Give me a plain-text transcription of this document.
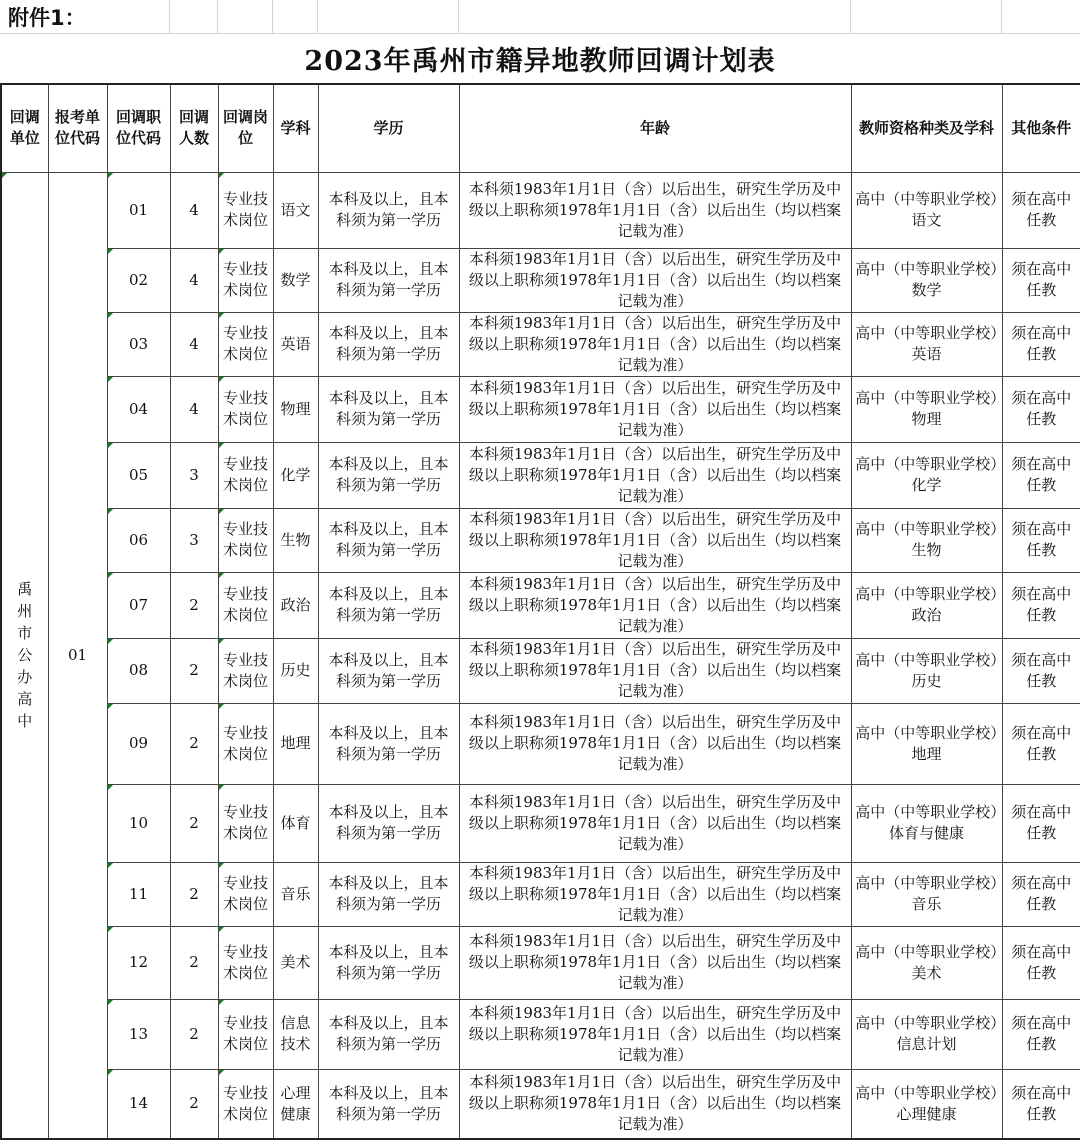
附件1：
2023年禹州市籍异地教师回调计划表
回调单位	报考单位代码	回调职位代码	回调人数	回调岗位	学科	学历	年龄	教师资格种类及学科	其他条件
禹州市公办高中	01	01	4	专业技术岗位	语文	本科及以上，且本科须为第一学历	本科须1983年1月1日（含）以后出生，研究生学历及中级以上职称须1978年1月1日（含）以后出生（均以档案记载为准）	高中（中等职业学校）语文	须在高中任教
		02	4	专业技术岗位	数学	本科及以上，且本科须为第一学历	本科须1983年1月1日（含）以后出生，研究生学历及中级以上职称须1978年1月1日（含）以后出生（均以档案记载为准）	高中（中等职业学校）数学	须在高中任教
		03	4	专业技术岗位	英语	本科及以上，且本科须为第一学历	本科须1983年1月1日（含）以后出生，研究生学历及中级以上职称须1978年1月1日（含）以后出生（均以档案记载为准）	高中（中等职业学校）英语	须在高中任教
		04	4	专业技术岗位	物理	本科及以上，且本科须为第一学历	本科须1983年1月1日（含）以后出生，研究生学历及中级以上职称须1978年1月1日（含）以后出生（均以档案记载为准）	高中（中等职业学校）物理	须在高中任教
		05	3	专业技术岗位	化学	本科及以上，且本科须为第一学历	本科须1983年1月1日（含）以后出生，研究生学历及中级以上职称须1978年1月1日（含）以后出生（均以档案记载为准）	高中（中等职业学校）化学	须在高中任教
		06	3	专业技术岗位	生物	本科及以上，且本科须为第一学历	本科须1983年1月1日（含）以后出生，研究生学历及中级以上职称须1978年1月1日（含）以后出生（均以档案记载为准）	高中（中等职业学校）生物	须在高中任教
		07	2	专业技术岗位	政治	本科及以上，且本科须为第一学历	本科须1983年1月1日（含）以后出生，研究生学历及中级以上职称须1978年1月1日（含）以后出生（均以档案记载为准）	高中（中等职业学校）政治	须在高中任教
		08	2	专业技术岗位	历史	本科及以上，且本科须为第一学历	本科须1983年1月1日（含）以后出生，研究生学历及中级以上职称须1978年1月1日（含）以后出生（均以档案记载为准）	高中（中等职业学校）历史	须在高中任教
		09	2	专业技术岗位	地理	本科及以上，且本科须为第一学历	本科须1983年1月1日（含）以后出生，研究生学历及中级以上职称须1978年1月1日（含）以后出生（均以档案记载为准）	高中（中等职业学校）地理	须在高中任教
		10	2	专业技术岗位	体育	本科及以上，且本科须为第一学历	本科须1983年1月1日（含）以后出生，研究生学历及中级以上职称须1978年1月1日（含）以后出生（均以档案记载为准）	高中（中等职业学校）体育与健康	须在高中任教
		11	2	专业技术岗位	音乐	本科及以上，且本科须为第一学历	本科须1983年1月1日（含）以后出生，研究生学历及中级以上职称须1978年1月1日（含）以后出生（均以档案记载为准）	高中（中等职业学校）音乐	须在高中任教
		12	2	专业技术岗位	美术	本科及以上，且本科须为第一学历	本科须1983年1月1日（含）以后出生，研究生学历及中级以上职称须1978年1月1日（含）以后出生（均以档案记载为准）	高中（中等职业学校）美术	须在高中任教
		13	2	专业技术岗位	信息技术	本科及以上，且本科须为第一学历	本科须1983年1月1日（含）以后出生，研究生学历及中级以上职称须1978年1月1日（含）以后出生（均以档案记载为准）	高中（中等职业学校）信息计划	须在高中任教
		14	2	专业技术岗位	心理健康	本科及以上，且本科须为第一学历	本科须1983年1月1日（含）以后出生，研究生学历及中级以上职称须1978年1月1日（含）以后出生（均以档案记载为准）	高中（中等职业学校）心理健康	须在高中任教
